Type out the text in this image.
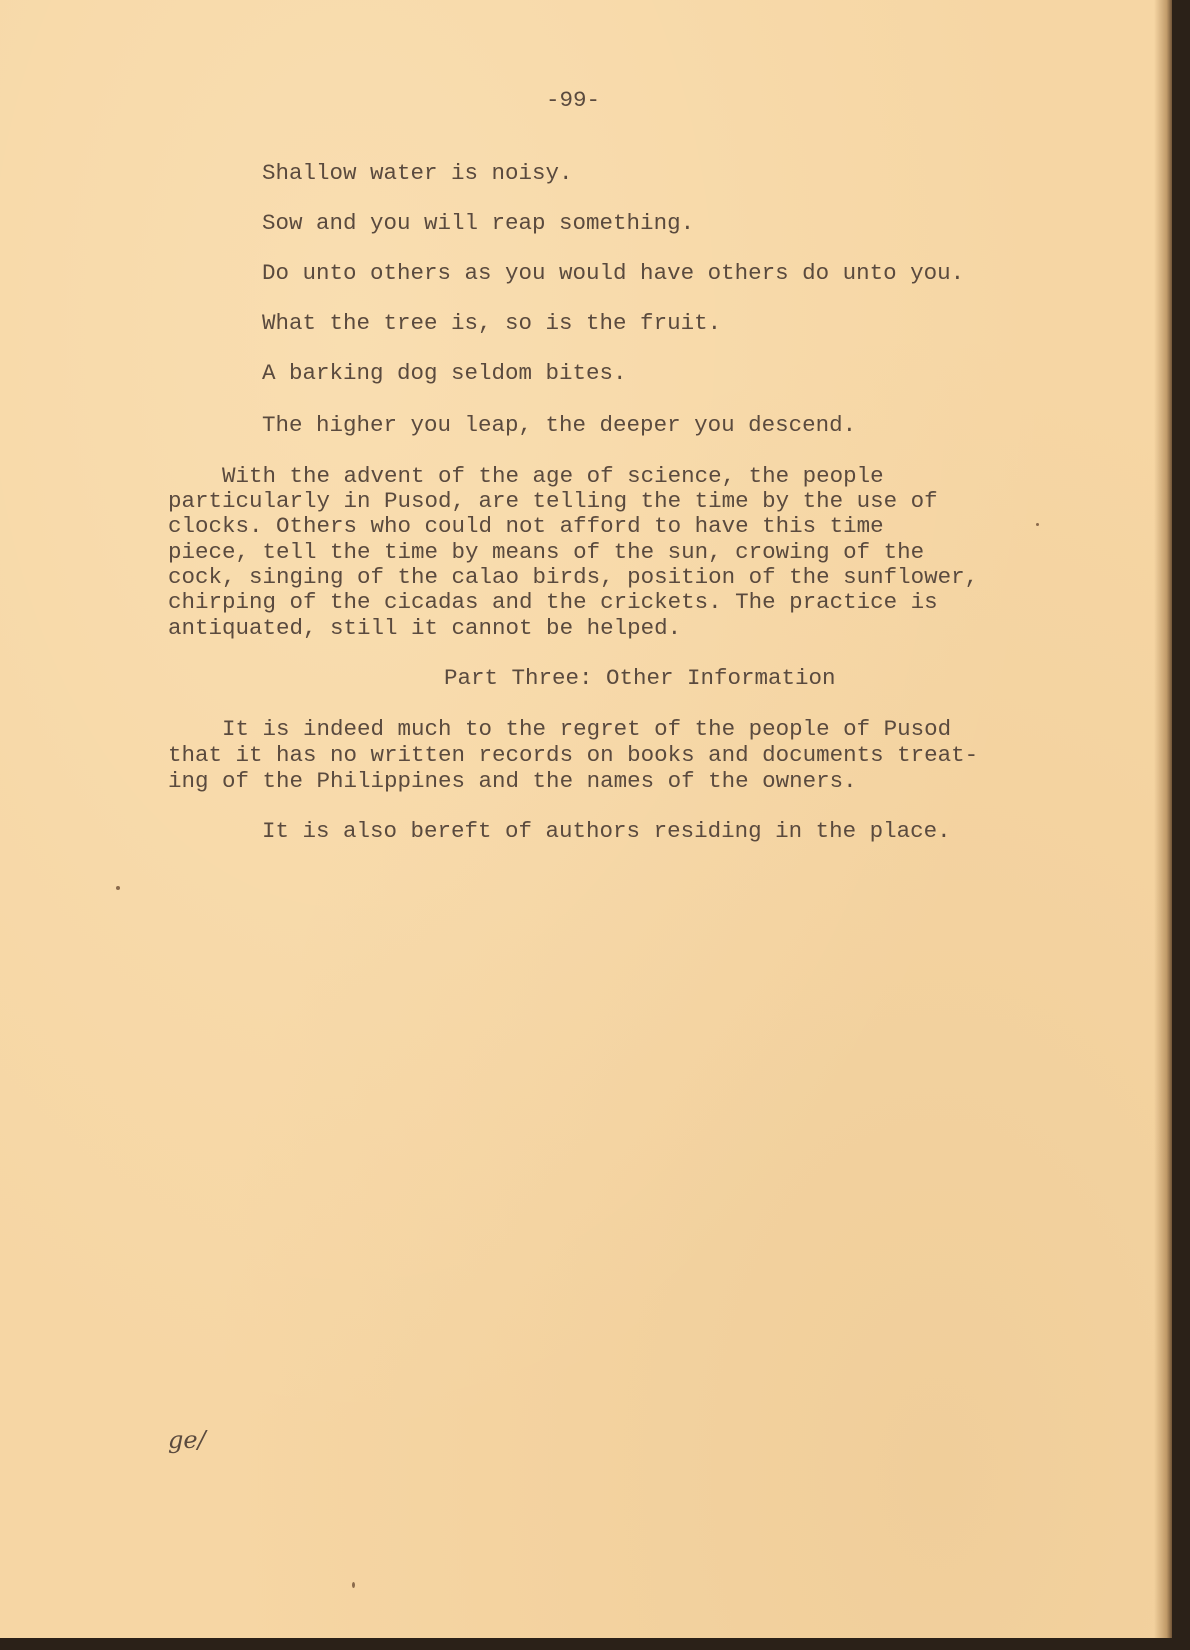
-99-

Shallow water is noisy.

Sow and you will reap something.

Do unto others as you would have others do unto you.

What the tree is, so is the fruit.

A barking dog seldom bites.

The higher you leap, the deeper you descend.

With the advent of the age of science, the people

particularly in Pusod, are telling the time by the use of

clocks. Others who could not afford to have this time

piece, tell the time by means of the sun, crowing of the

cock, singing of the calao birds, position of the sunflower,

chirping of the cicadas and the crickets. The practice is

antiquated, still it cannot be helped.

Part Three: Other Information

It is indeed much to the regret of the people of Pusod

that it has no written records on books and documents treat-

ing of the Philippines and the names of the owners.

It is also bereft of authors residing in the place.

ge/
